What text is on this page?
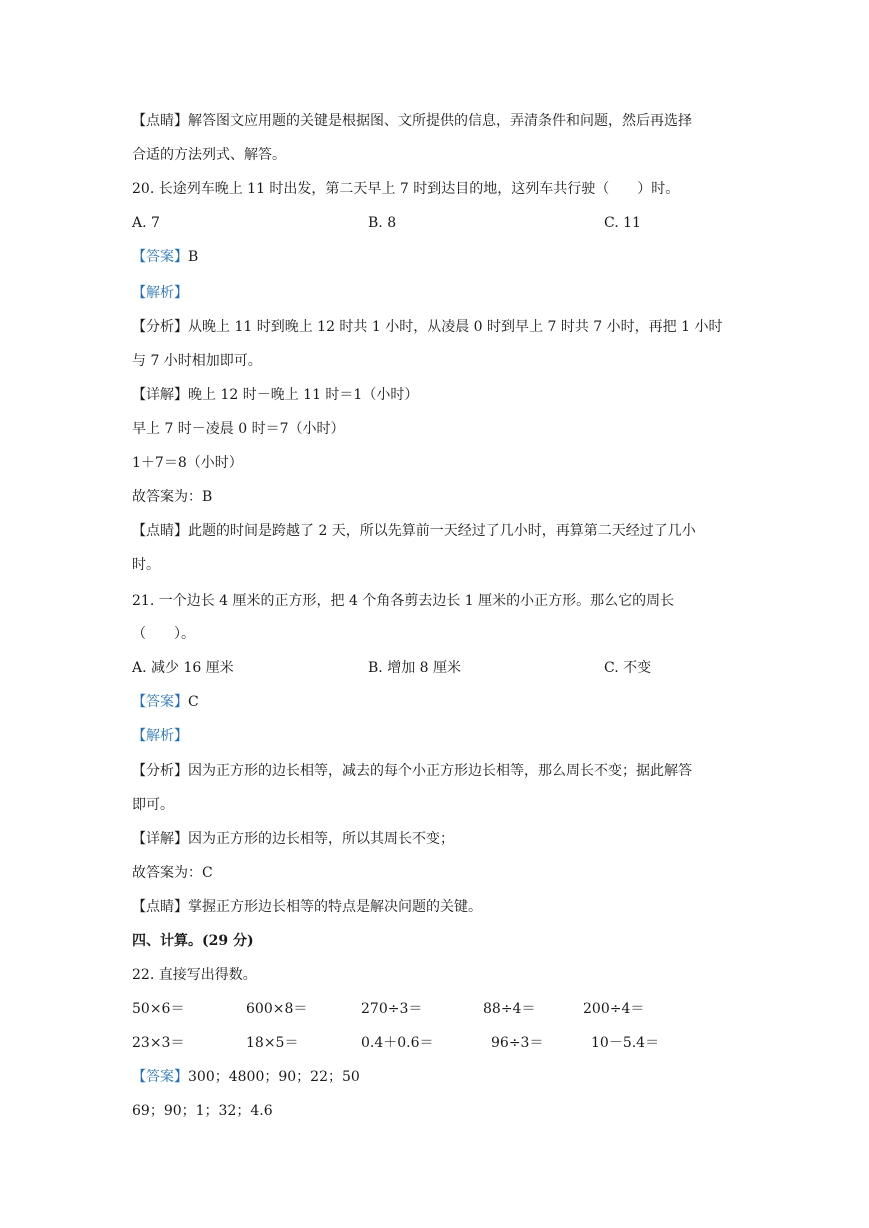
【点睛】解答图文应用题的关键是根据图、文所提供的信息，弄清条件和问题，然后再选择
合适的方法列式、解答。
20. 长途列车晚上 11 时出发，第二天早上 7 时到达目的地，这列车共行驶（　　）时。
A. 7	B. 8	C. 11
【答案】B
【解析】
【分析】从晚上 11 时到晚上 12 时共 1 小时，从凌晨 0 时到早上 7 时共 7 小时，再把 1 小时
与 7 小时相加即可。
【详解】晚上 12 时－晚上 11 时＝1（小时）
早上 7 时－凌晨 0 时＝7（小时）
1＋7＝8（小时）
故答案为：B
【点睛】此题的时间是跨越了 2 天，所以先算前一天经过了几小时，再算第二天经过了几小
时。
21. 一个边长 4 厘米的正方形，把 4 个角各剪去边长 1 厘米的小正方形。那么它的周长
（　　）。
A. 减少 16 厘米	B. 增加 8 厘米	C. 不变
【答案】C
【解析】
【分析】因为正方形的边长相等，减去的每个小正方形边长相等，那么周长不变；据此解答
即可。
【详解】因为正方形的边长相等，所以其周长不变；
故答案为：C
【点睛】掌握正方形边长相等的特点是解决问题的关键。
四、计算。(29 分)
22. 直接写出得数。
50×6＝	600×8＝	270÷3＝	88÷4＝	200÷4＝
23×3＝	18×5＝	0.4＋0.6＝	96÷3＝	10－5.4＝
【答案】300；4800；90；22；50
69；90；1；32；4.6
